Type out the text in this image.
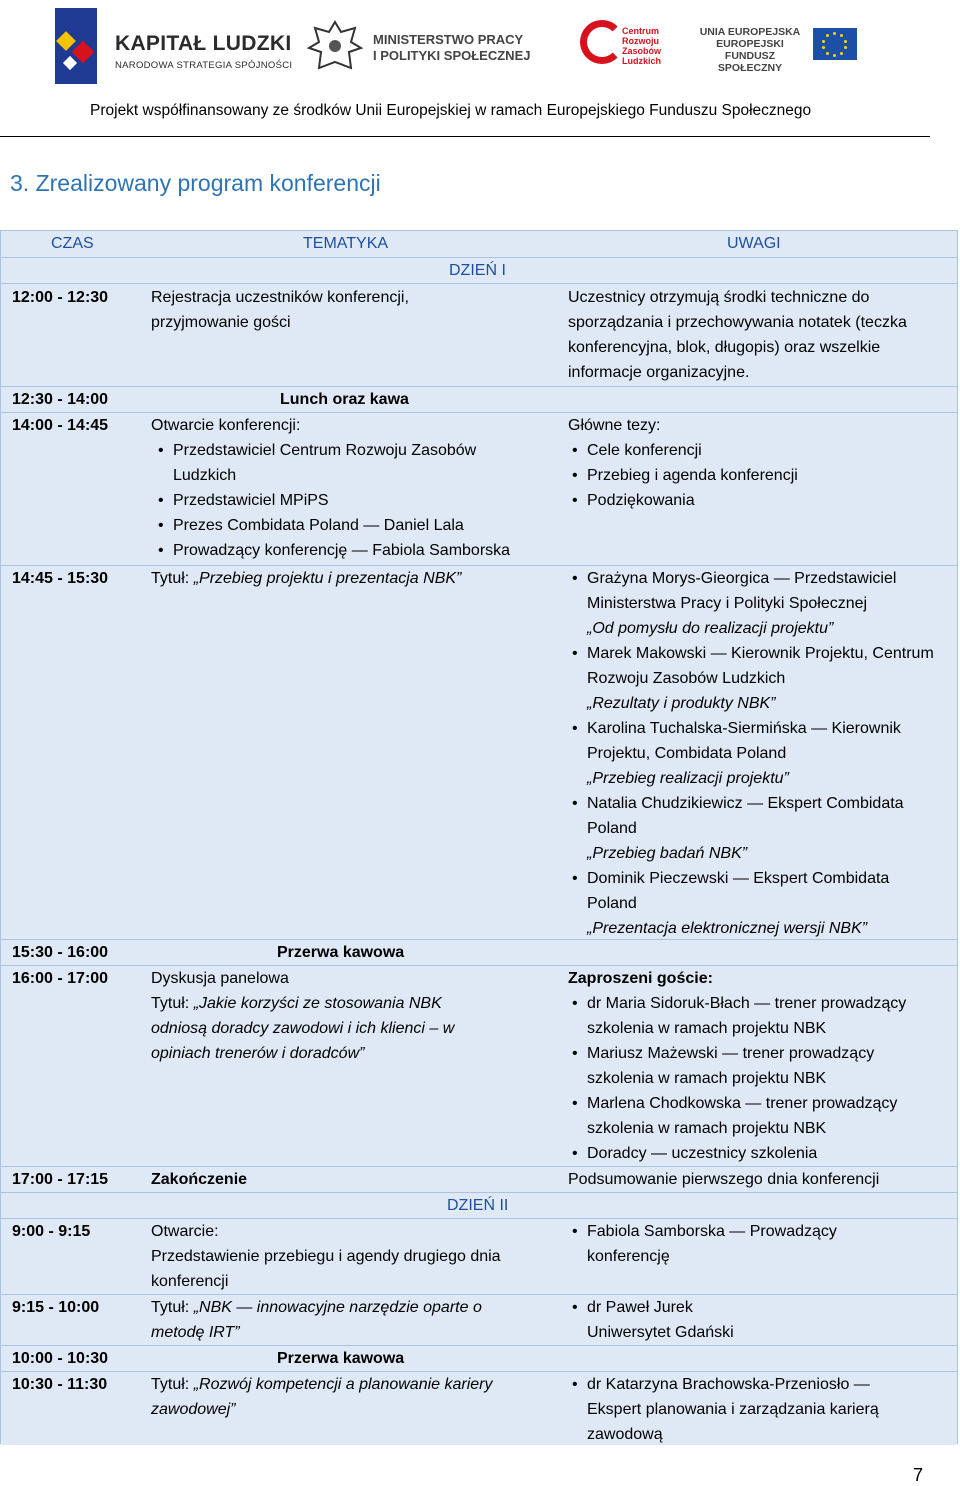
KAPITAŁ LUDZKI
NARODOWA STRATEGIA SPÓJNOŚCI
MINISTERSTWO PRACY
I POLITYKI SPOŁECZNEJ
Centrum
Rozwoju
Zasobów
Ludzkich
UNIA EUROPEJSKA
EUROPEJSKI
FUNDUSZ SPOŁECZNY
Projekt współfinansowany ze środków Unii Europejskiej w ramach Europejskiego Funduszu Społecznego
3. Zrealizowany program konferencji
CZAS	TEMATYKA	UWAGI
DZIEŃ I
12:00 - 12:30	Rejestracja uczestników konferencji, przyjmowanie gości
Uczestnicy otrzymują środki techniczne do sporządzania i przechowywania notatek (teczka konferencyjna, blok, długopis) oraz wszelkie informacje organizacyjne.
12:30 - 14:00	Lunch oraz kawa
14:00 - 14:45	Otwarcie konferencji:
• Przedstawiciel Centrum Rozwoju Zasobów Ludzkich
• Przedstawiciel MPiPS
• Prezes Combidata Poland — Daniel Lala
• Prowadzący konferencję — Fabiola Samborska
Główne tezy:
• Cele konferencji
• Przebieg i agenda konferencji
• Podziękowania
14:45 - 15:30	Tytuł: „Przebieg projektu i prezentacja NBK”
•	Grażyna Morys-Gieorgica — Przedstawiciel Ministerstwa Pracy i Polityki Społecznej
„Od pomysłu do realizacji projektu”
• Marek Makowski — Kierownik Projektu, Centrum Rozwoju Zasobów Ludzkich
„Rezultaty i produkty NBK”
• Karolina Tuchalska-Siermińska — Kierownik Projektu, Combidata Poland
„Przebieg realizacji projektu”
• Natalia Chudzikiewicz — Ekspert Combidata Poland
„Przebieg badań NBK”
• Dominik Pieczewski — Ekspert Combidata Poland
„Prezentacja elektronicznej wersji NBK”
15:30 - 16:00	Przerwa kawowa
16:00 - 17:00	Dyskusja panelowa
Tytuł: „Jakie korzyści ze stosowania NBK odniosą doradcy zawodowi i ich klienci – w opiniach trenerów i doradców”
Zaproszeni goście:
• dr Maria Sidoruk-Błach — trener prowadzący szkolenia w ramach projektu NBK
• Mariusz Mażewski — trener prowadzący szkolenia w ramach projektu NBK
• Marlena Chodkowska — trener prowadzący szkolenia w ramach projektu NBK
• Doradcy — uczestnicy szkolenia
17:00 - 17:15	Zakończenie	Podsumowanie pierwszego dnia konferencji
DZIEŃ II
9:00 - 9:15	Otwarcie:
Przedstawienie przebiegu i agendy drugiego dnia konferencji
• Fabiola Samborska — Prowadzący konferencję
9:15 - 10:00	Tytuł: „NBK — innowacyjne narzędzie oparte o metodę IRT”
• dr Paweł Jurek
Uniwersytet Gdański
10:00 - 10:30	Przerwa kawowa
10:30 - 11:30	Tytuł: „Rozwój kompetencji a planowanie kariery zawodowej”
• dr Katarzyna Brachowska-Przeniosło — Ekspert planowania i zarządzania karierą zawodową
7
